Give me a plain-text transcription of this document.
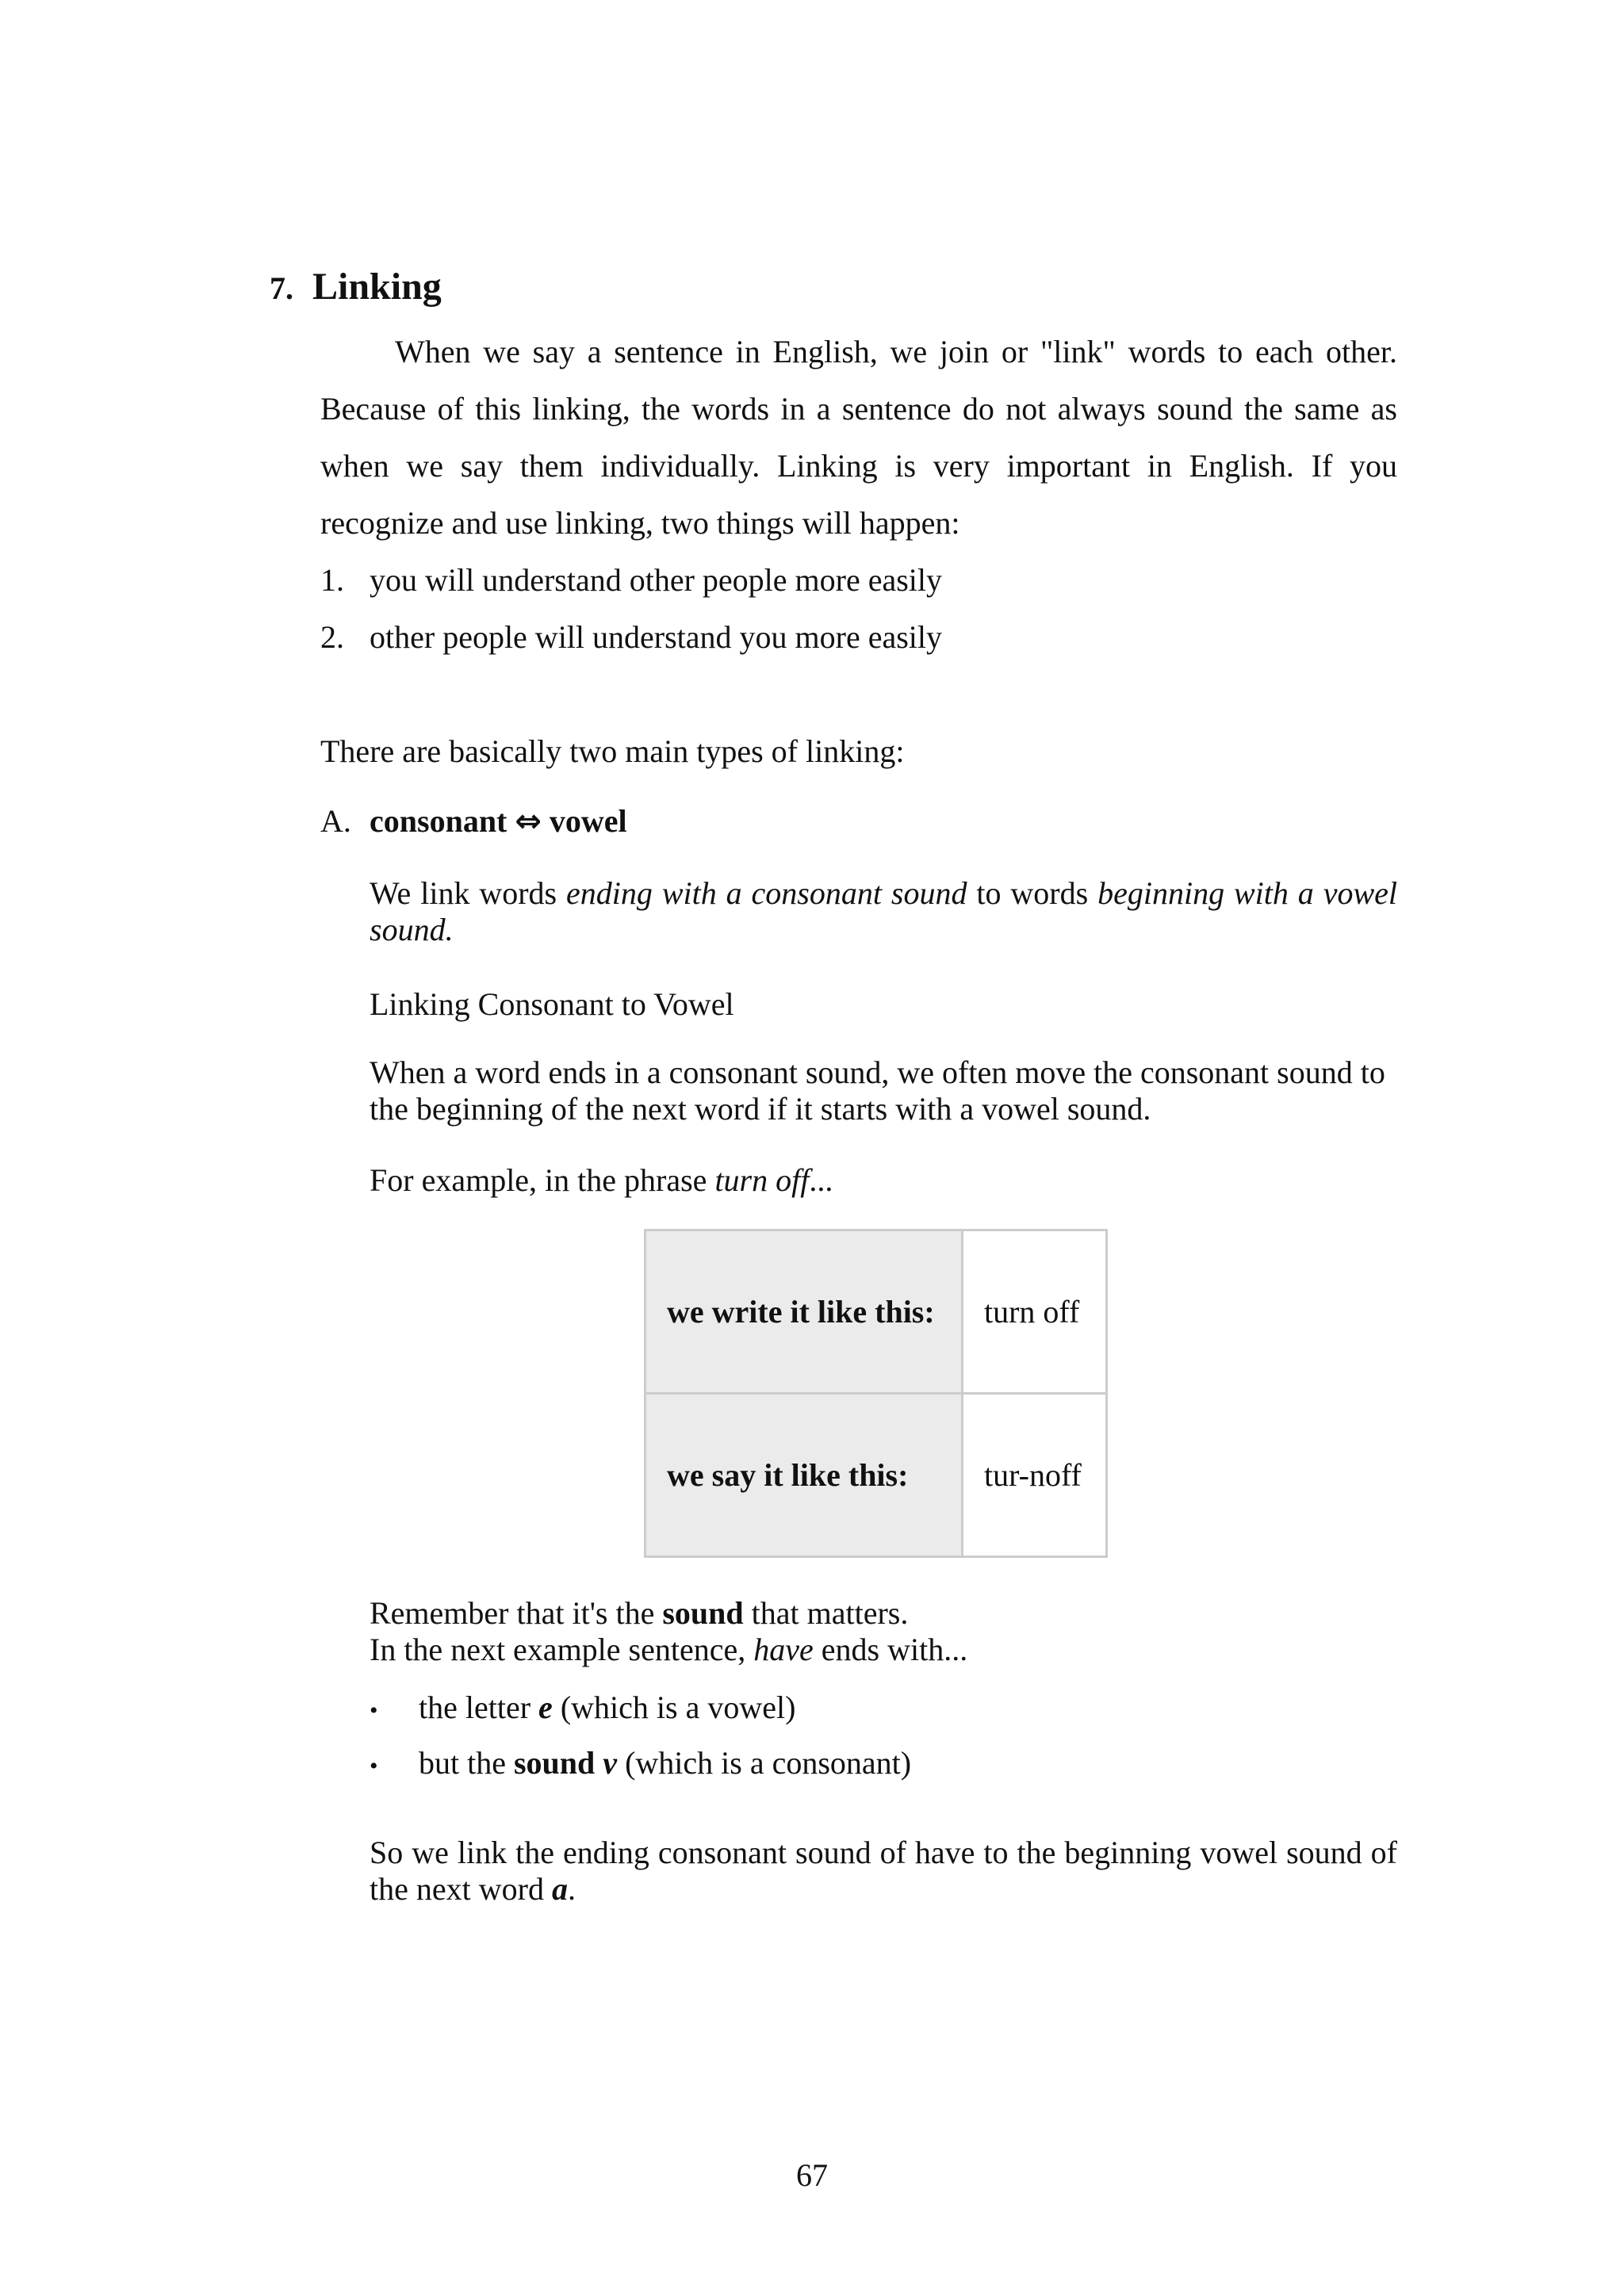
7. Linking
When we say a sentence in English, we join or "link" words to each other.
Because of this linking, the words in a sentence do not always sound the same as
when we say them individually. Linking is very important in English. If you
recognize and use linking, two things will happen:
1. you will understand other people more easily
2. other people will understand you more easily
There are basically two main types of linking:
A. consonant ⇔ vowel

We link words ending with a consonant sound to words beginning with a vowel sound.

Linking Consonant to Vowel
When a word ends in a consonant sound, we often move the consonant sound to the beginning of the next word if it starts with a vowel sound.
For example, in the phrase turn off...
we write it like this:	turn off
we say it like this:	tur-noff

Remember that it's the sound that matters.

In the next example sentence, have ends with...

• the letter e (which is a vowel)
• but the sound v (which is a consonant)

So we link the ending consonant sound of have to the beginning vowel sound of the next word a.

67
